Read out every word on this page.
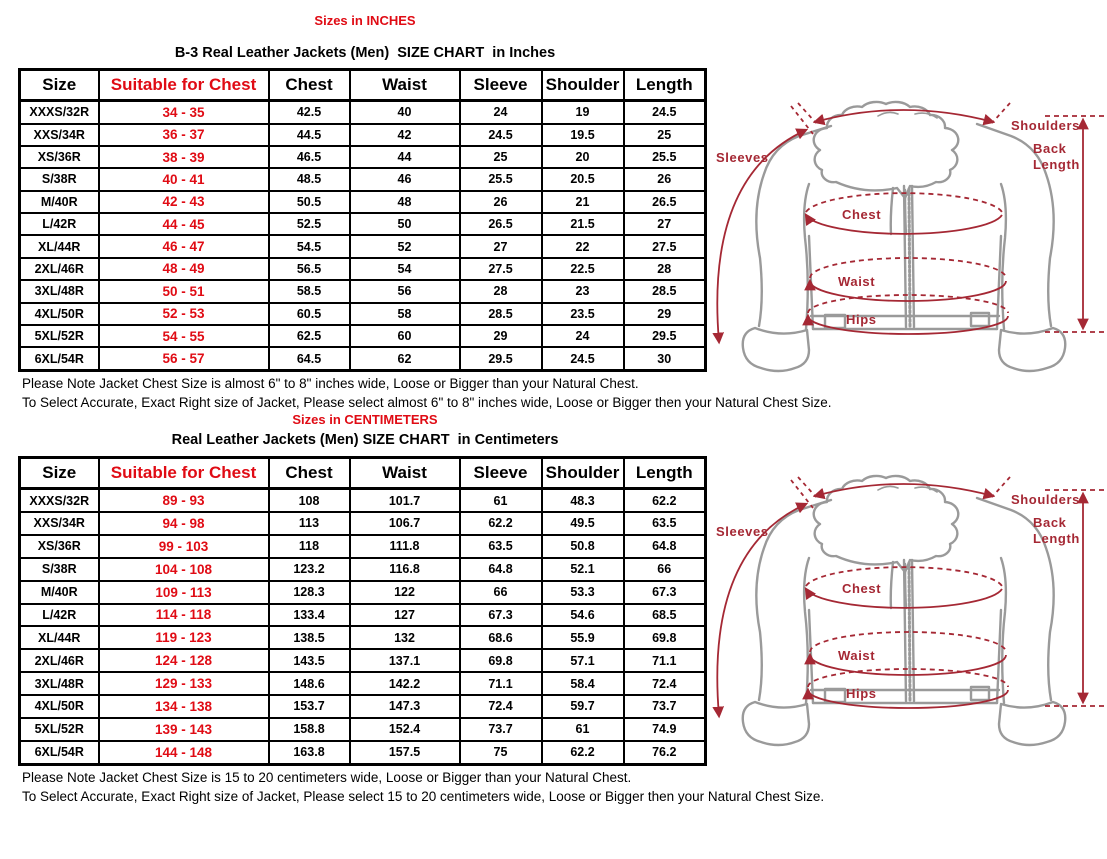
Sizes in INCHES
B-3 Real Leather Jackets (Men)  SIZE CHART  in Inches
Size	Suitable for Chest	Chest	Waist	Sleeve	Shoulder	Length
XXXS/32R	34 - 35	42.5	40	24	19	24.5
XXS/34R	36 - 37	44.5	42	24.5	19.5	25
XS/36R	38 - 39	46.5	44	25	20	25.5
S/38R	40 - 41	48.5	46	25.5	20.5	26
M/40R	42 - 43	50.5	48	26	21	26.5
L/42R	44 - 45	52.5	50	26.5	21.5	27
XL/44R	46 - 47	54.5	52	27	22	27.5
2XL/46R	48 - 49	56.5	54	27.5	22.5	28
3XL/48R	50 - 51	58.5	56	28	23	28.5
4XL/50R	52 - 53	60.5	58	28.5	23.5	29
5XL/52R	54 - 55	62.5	60	29	24	29.5
6XL/54R	56 - 57	64.5	62	29.5	24.5	30
Please Note Jacket Chest Size is almost 6" to 8" inches wide, Loose or Bigger than your Natural Chest.
To Select Accurate, Exact Right size of Jacket, Please select almost 6" to 8" inches wide, Loose or Bigger then your Natural Chest Size.
Sleeves
Shoulders
Back
Length
Chest
Waist
Hips
Sizes in CENTIMETERS
Real Leather Jackets (Men) SIZE CHART  in Centimeters
Size	Suitable for Chest	Chest	Waist	Sleeve	Shoulder	Length
XXXS/32R	89 - 93	108	101.7	61	48.3	62.2
XXS/34R	94 - 98	113	106.7	62.2	49.5	63.5
XS/36R	99 - 103	118	111.8	63.5	50.8	64.8
S/38R	104 - 108	123.2	116.8	64.8	52.1	66
M/40R	109 - 113	128.3	122	66	53.3	67.3
L/42R	114 - 118	133.4	127	67.3	54.6	68.5
XL/44R	119 - 123	138.5	132	68.6	55.9	69.8
2XL/46R	124 - 128	143.5	137.1	69.8	57.1	71.1
3XL/48R	129 - 133	148.6	142.2	71.1	58.4	72.4
4XL/50R	134 - 138	153.7	147.3	72.4	59.7	73.7
5XL/52R	139 - 143	158.8	152.4	73.7	61	74.9
6XL/54R	144 - 148	163.8	157.5	75	62.2	76.2
Please Note Jacket Chest Size is 15 to 20 centimeters wide, Loose or Bigger than your Natural Chest.
To Select Accurate, Exact Right size of Jacket, Please select 15 to 20 centimeters wide, Loose or Bigger then your Natural Chest Size.
Sleeves
Shoulders
Back
Length
Chest
Waist
Hips
